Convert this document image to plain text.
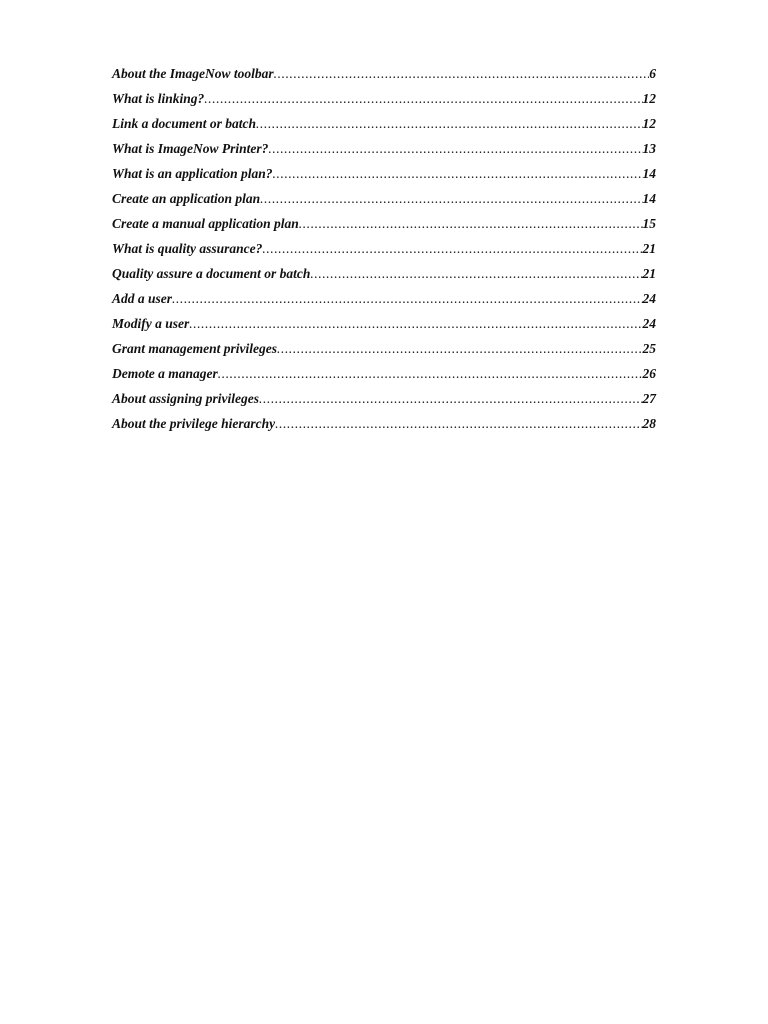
About the ImageNow toolbar .....	6
What is linking? .....	12
Link a document or batch .....	12
What is ImageNow Printer? .....	13
What is an application plan? .....	14
Create an application plan .....	14
Create a manual application plan .....	15
What is quality assurance? .....	21
Quality assure a document or batch .....	21
Add a user .....	24
Modify a user .....	24
Grant management privileges .....	25
Demote a manager .....	26
About assigning privileges .....	27
About the privilege hierarchy .....	28
